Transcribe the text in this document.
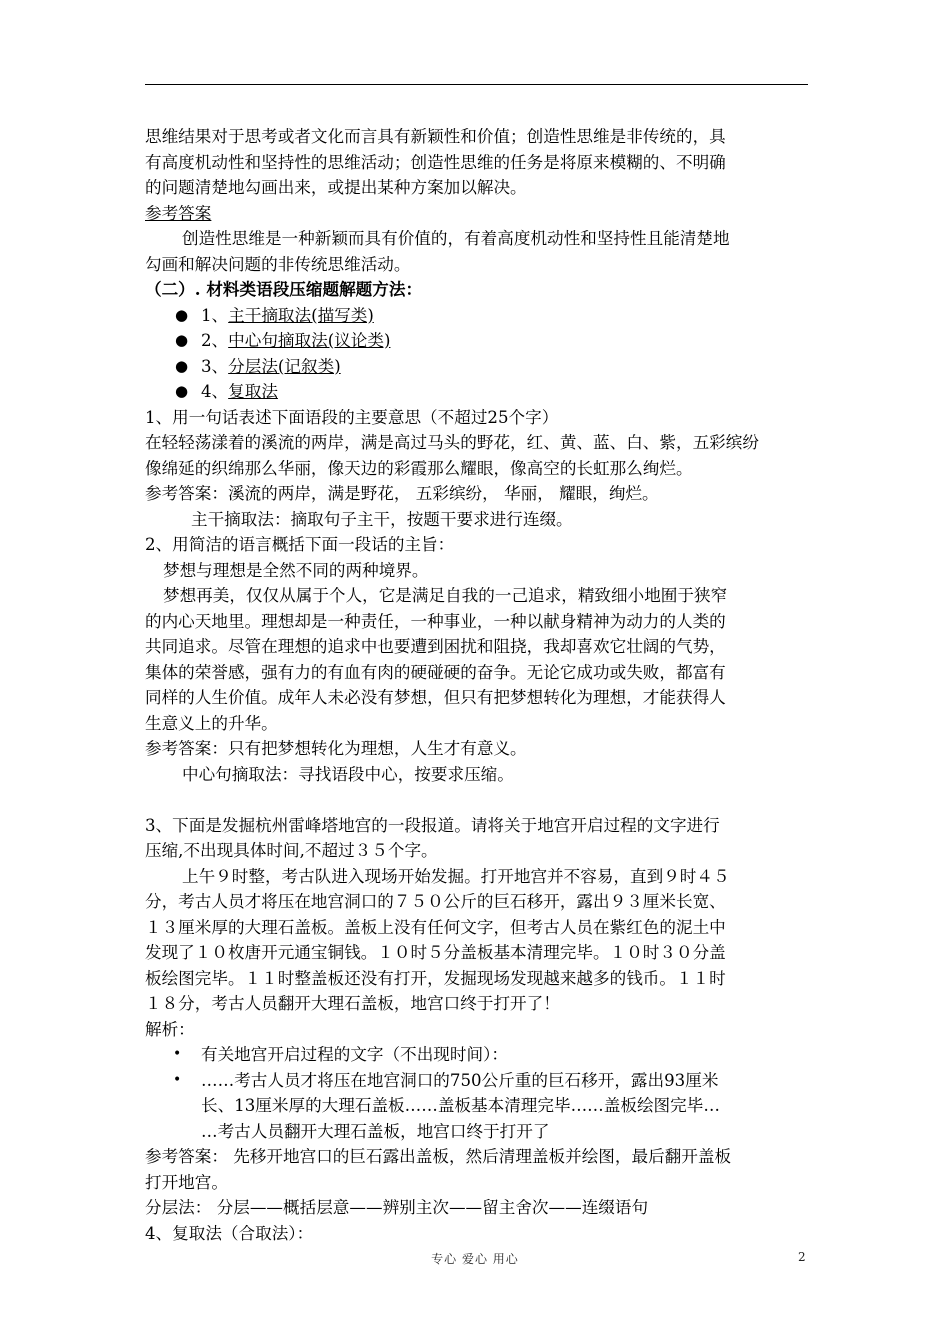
思维结果对于思考或者文化而言具有新颖性和价值；创造性思维是非传统的，具
有高度机动性和坚持性的思维活动；创造性思维的任务是将原来模糊的、不明确
的问题清楚地勾画出来，或提出某种方案加以解决。
参考答案
创造性思维是一种新颖而具有价值的，有着高度机动性和坚持性且能清楚地
勾画和解决问题的非传统思维活动。
（二）. 材料类语段压缩题解题方法：
● 1、主干摘取法(描写类)
● 2、中心句摘取法(议论类)
● 3、分层法(记叙类)
● 4、复取法
1、用一句话表述下面语段的主要意思（不超过25个字）
在轻轻荡漾着的溪流的两岸，满是高过马头的野花，红、黄、蓝、白、紫，五彩缤纷
像绵延的织绵那么华丽，像天边的彩霞那么耀眼，像高空的长虹那么绚烂。
参考答案：溪流的两岸，满是野花， 五彩缤纷， 华丽， 耀眼，绚烂。
主干摘取法：摘取句子主干，按题干要求进行连缀。
2、用简洁的语言概括下面一段话的主旨：
梦想与理想是全然不同的两种境界。
梦想再美，仅仅从属于个人，它是满足自我的一己追求，精致细小地囿于狭窄
的内心天地里。理想却是一种责任，一种事业，一种以献身精神为动力的人类的
共同追求。尽管在理想的追求中也要遭到困扰和阻挠，我却喜欢它壮阔的气势，
集体的荣誉感，强有力的有血有肉的硬碰硬的奋争。无论它成功或失败，都富有
同样的人生价值。成年人未必没有梦想，但只有把梦想转化为理想，才能获得人
生意义上的升华。
参考答案：只有把梦想转化为理想，人生才有意义。
中心句摘取法：寻找语段中心，按要求压缩。
3、下面是发掘杭州雷峰塔地宫的一段报道。请将关于地宫开启过程的文字进行
压缩,不出现具体时间,不超过３５个字。
上午９时整，考古队进入现场开始发掘。打开地宫并不容易，直到９时４５
分，考古人员才将压在地宫洞口的７５０公斤的巨石移开，露出９３厘米长宽、
１３厘米厚的大理石盖板。盖板上没有任何文字，但考古人员在紫红色的泥土中
发现了１０枚唐开元通宝铜钱。１０时５分盖板基本清理完毕。１０时３０分盖
板绘图完毕。１１时整盖板还没有打开，发掘现场发现越来越多的钱币。１１时
１８分，考古人员翻开大理石盖板，地宫口终于打开了！
解析：
• 有关地宫开启过程的文字（不出现时间）：
• ……考古人员才将压在地宫洞口的750公斤重的巨石移开，露出93厘米
长、13厘米厚的大理石盖板……盖板基本清理完毕……盖板绘图完毕…
…考古人员翻开大理石盖板，地宫口终于打开了
参考答案： 先移开地宫口的巨石露出盖板，然后清理盖板并绘图，最后翻开盖板
打开地宫。
分层法： 分层——概括层意——辨别主次——留主舍次——连缀语句
4、复取法（合取法）：
专心 爱心 用心	2
